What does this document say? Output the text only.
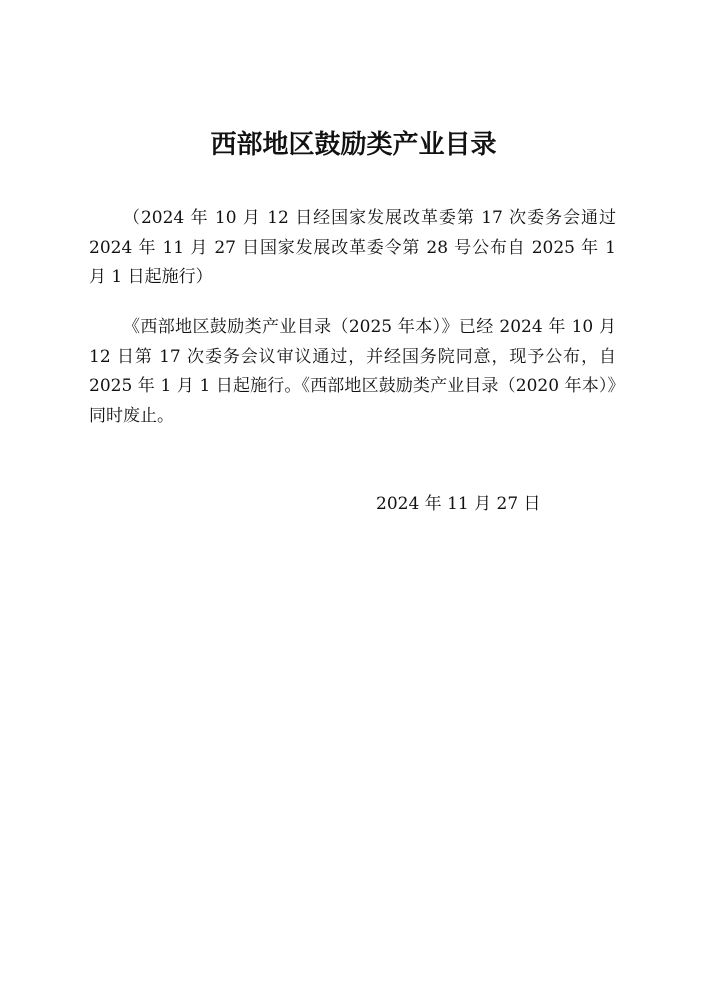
西部地区鼓励类产业目录

（2024 年 10 月 12 日经国家发展改革委第 17 次委务会通过 2024 年 11 月 27 日国家发展改革委令第 28 号公布自 2025 年 1 月 1 日起施行）

《西部地区鼓励类产业目录（2025 年本）》已经 2024 年 10 月 12 日第 17 次委务会议审议通过，并经国务院同意，现予公布，自 2025 年 1 月 1 日起施行。《西部地区鼓励类产业目录（2020 年本）》同时废止。

2024 年 11 月 27 日
